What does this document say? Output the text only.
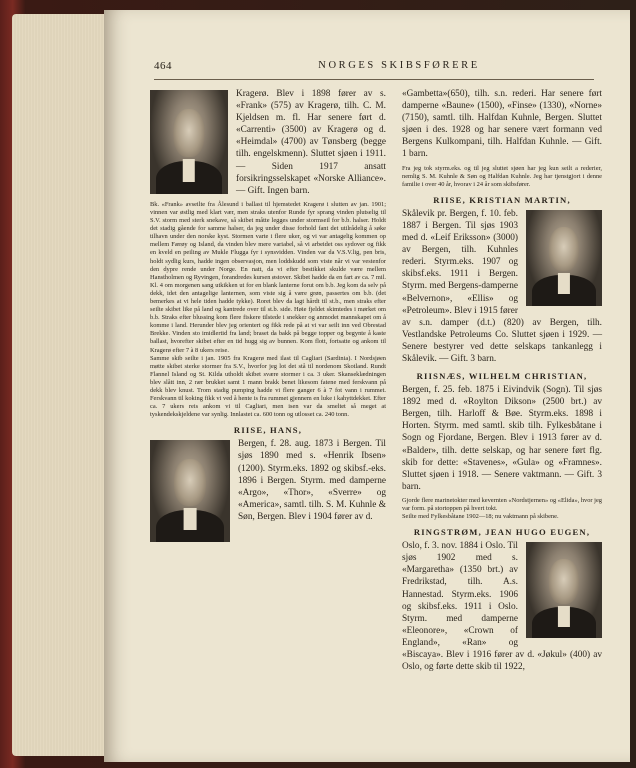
464	NORGES SKIBSFØRERE

Kragerø. Blev i 1898 fører av s. «Frank» (575) av Kragerø, tilh. C. M. Kjeldsen m. fl. Har senere ført d. «Carrenti» (3500) av Kragerø og d. «Heimdal» (4700) av Tønsberg (begge tilh. engelskmenn). Sluttet sjøen i 1911. — Siden 1917 ansatt forsikringsselskapet «Norske Alliance». — Gift. Ingen barn.

Bk. «Frank» avseilte fra Ålesund i ballast til hjemstedet Kragerø i slutten av jan. 1901; vinnen var østlig med klart vær, men straks utenfor Runde fyr sprang vinden plutselig til S.V. storm med sterk snekave, så skibet måtte legges under stormseil for b.b. halser. Holdt det stadig gående for samme halser, da jeg under disse forhold fant det utilrådelig å søke tilhavn under den norske kyst. Stormen varte i flere uker, og vi var antagelig kommen op mellem Færøy og Island, da vinden blev mere variabel, så vi arbeidet oss sydover og fikk en kveld en peiling av Mukle Flugga fyr i synsvidden. Vinden var da V.S.V.lig, pen bris, holdt sydlig kurs, hadde ingen observasjon, men loddskudd som viste når vi var vestenfor den dypre rende under Norge. En natt, da vi efter bestikket skulde være mellem Hanstholmen og Ryvingen, forandredes kursen østover. Skibet hadde da en fart av ca. 7 mil. Kl. 4 om morgenen sang utkikken ut for en blank lanterne forut om b.b. Jeg kom da selv på dekk, idet den antagelige lanternen, som viste sig å være grøn, passertes om b.b. (det bemerkes at vi hele tiden hadde tykke). Roret blev da lagt hårdt til st.b., men straks efter seilte skibet like på land og kantrede over til st.b. side. Høie fjeldet skimtedes i mørket om b.b. Straks efter blussing kom flere fiskere tilstede i snekker og anmodet mannskapet om å komme i land. Herunder blev jeg orientert og fikk rede på at vi var seilt inn ved Obrestad Brekke. Vinden sto imidlertid fra land; braset da bakk på begge topper og begynte å kaste ballast, hvorefter skibet efter en tid hugg sig av bunnen. Kom flott, fortsatte og ankom til Kragerø efter 7 à 8 ukers reise.

Samme skib seilte i jan. 1905 fra Kragerø med ilast til Cagliari (Sardinia). I Nordsjøen møtte skibet sterke stormer fra S.V., hvorfor jeg lot det stå til nordenom Skotland. Rundt Flannel Island og St. Kilda utholdt skibet svære stormer i ca. 3 uker. Skanseklædningen blev slått inn, 2 rær brukket samt 1 mann brakk benet likesom fatene med ferskvann på dekk blev knust. Trom stadig pumping hadde vi flere ganger 6 à 7 fot vann i rummet. Ferskvann til koking fikk vi ved å hente is fra rummet gjennem en luke i kahyttdekket. Efter ca. 7 ukers reis ankom vi til Cagliari, men isen var da smeltet så meget at tyskendekskjeldene var synlig. Innlastet ca. 600 tonn og utlosset ca. 240 tonn.

RIISE, HANS,

Bergen, f. 28. aug. 1873 i Bergen. Til sjøs 1890 med s. «Henrik Ibsen» (1200). Styrm.eks. 1892 og skibsf.-eks. 1896 i Bergen. Styrm. med damperne «Argo», «Thor», «Sverre» og «America», samtl. tilh. S. M. Kuhnle & Søn, Bergen. Blev i 1904 fører av d.

«Gambetta»(650), tilh. s.n. rederi. Har senere ført damperne «Baune» (1500), «Finse» (1330), «Norne» (7150), samtl. tilh. Halfdan Kuhnle, Bergen. Sluttet sjøen i des. 1928 og har senere vært formann ved Bergens Kulkompani, tilh. Halfdan Kuhnle. — Gift. 1 barn.

Fra jeg tok styrm.eks. og til jeg sluttet sjøen har jeg kun seilt a rederier, nemlig S. M. Kuhnle & Søn og Halfdan Kuhnle. Jeg har tjenstgjort i denne familie i over 40 år, hvorav i 24 år som skibsfører.

RIISE, KRISTIAN MARTIN,

Skålevik pr. Bergen, f. 10. feb. 1887 i Bergen. Til sjøs 1903 med d. «Leif Eriksson» (3000) av Bergen, tilh. Kuhnles rederi. Styrm.eks. 1907 og skibsf.eks. 1911 i Bergen. Styrm. med Bergens-damperne «Belvernon», «Ellis» og «Petroleum». Blev i 1915 fører av s.n. damper (d.t.) (820) av Bergen, tilh. Vestlandske Petroleums Co. Sluttet sjøen i 1929. — Senere bestyrer ved dette selskaps tankanlegg i Skålevik. — Gift. 3 barn.

RIISNÆS, WILHELM CHRISTIAN,

Bergen, f. 25. feb. 1875 i Eivindvik (Sogn). Til sjøs 1892 med d. «Roylton Dikson» (2500 brt.) av Bergen, tilh. Harloff & Bøe. Styrm.eks. 1898 i Horten. Styrm. med samtl. skib tilh. Fylkesbåtane i Sogn og Fjordane, Bergen. Blev i 1913 fører av d. «Balder», tilh. dette selskap, og har senere ført flg. skib for dette: «Stavenes», «Gula» og «Framnes». Sluttet sjøen i 1918. — Senere vaktmann. — Gift. 3 barn.

Gjorde flere marinetokter med kevernten «Nordstjernen» og «Elida», hvor jeg var form. på stortoppen på hvert tokt.

Seilte med Fylkesbåtane 1902—18; nu vaktmann på skibene.

RINGSTRØM, JEAN HUGO EUGEN,

Oslo, f. 3. nov. 1884 i Oslo. Til sjøs 1902 med s. «Margaretha» (1350 brt.) av Fredrikstad, tilh. A.s. Hannestad. Styrm.eks. 1906 og skibsf.eks. 1911 i Oslo. Styrm. med damperne «Eleonore», «Crown of England», «Ran» og «Biscaya». Blev i 1916 fører av d. «Jøkul» (400) av Oslo, og førte dette skib til 1922,
